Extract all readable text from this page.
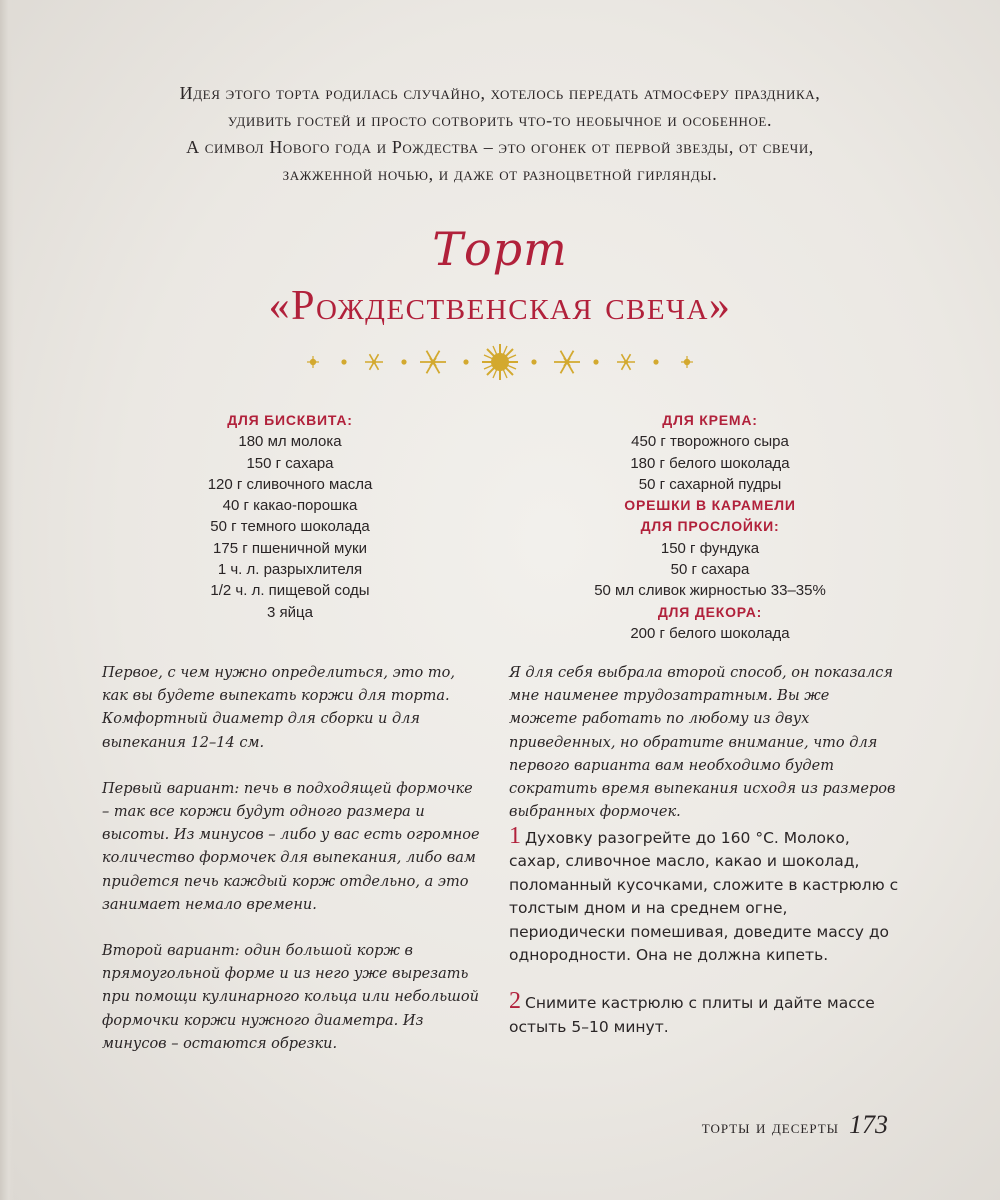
Идея этого торта родилась случайно, хотелось передать атмосферу праздника,
удивить гостей и просто сотворить что-то необычное и особенное.
А символ Нового года и Рождества – это огонек от первой звезды, от свечи,
зажженной ночью, и даже от разноцветной гирлянды.
Торт
«Рождественская свеча»
ДЛЯ БИСКВИТА:
180 мл молока
150 г сахара
120 г сливочного масла
40 г какао-порошка
50 г темного шоколада
175 г пшеничной муки
1 ч. л. разрыхлителя
1/2 ч. л. пищевой соды
3 яйца
ДЛЯ КРЕМА:
450 г творожного сыра
180 г белого шоколада
50 г сахарной пудры
ОРЕШКИ В КАРАМЕЛИ
ДЛЯ ПРОСЛОЙКИ:
150 г фундука
50 г сахара
50 мл сливок жирностью 33–35%
ДЛЯ ДЕКОРА:
200 г белого шоколада

Первое, с чем нужно определиться, это то, как вы будете выпекать коржи для торта. Комфортный диаметр для сборки и для выпекания 12–14 см.

Первый вариант: печь в подходящей формочке – так все коржи будут одного размера и высоты. Из минусов – либо у вас есть огромное количество формочек для выпекания, либо вам придется печь каждый корж отдельно, а это занимает немало времени.

Второй вариант: один большой корж в прямоугольной форме и из него уже вырезать при помощи кулинарного кольца или небольшой формочки коржи нужного диаметра. Из минусов – остаются обрезки.

Я для себя выбрала второй способ, он показался мне наименее трудозатратным. Вы же можете работать по любому из двух приведенных, но обратите внимание, что для первого варианта вам необходимо будет сократить время выпекания исходя из размеров выбранных формочек.

1 Духовку разогрейте до 160 °С. Молоко, сахар, сливочное масло, какао и шоколад, поломанный кусочками, сложите в кастрюлю с толстым дном и на среднем огне, периодически помешивая, доведите массу до однородности. Она не должна кипеть.

2 Снимите кастрюлю с плиты и дайте массе остыть 5–10 минут.

торты и десерты 173
